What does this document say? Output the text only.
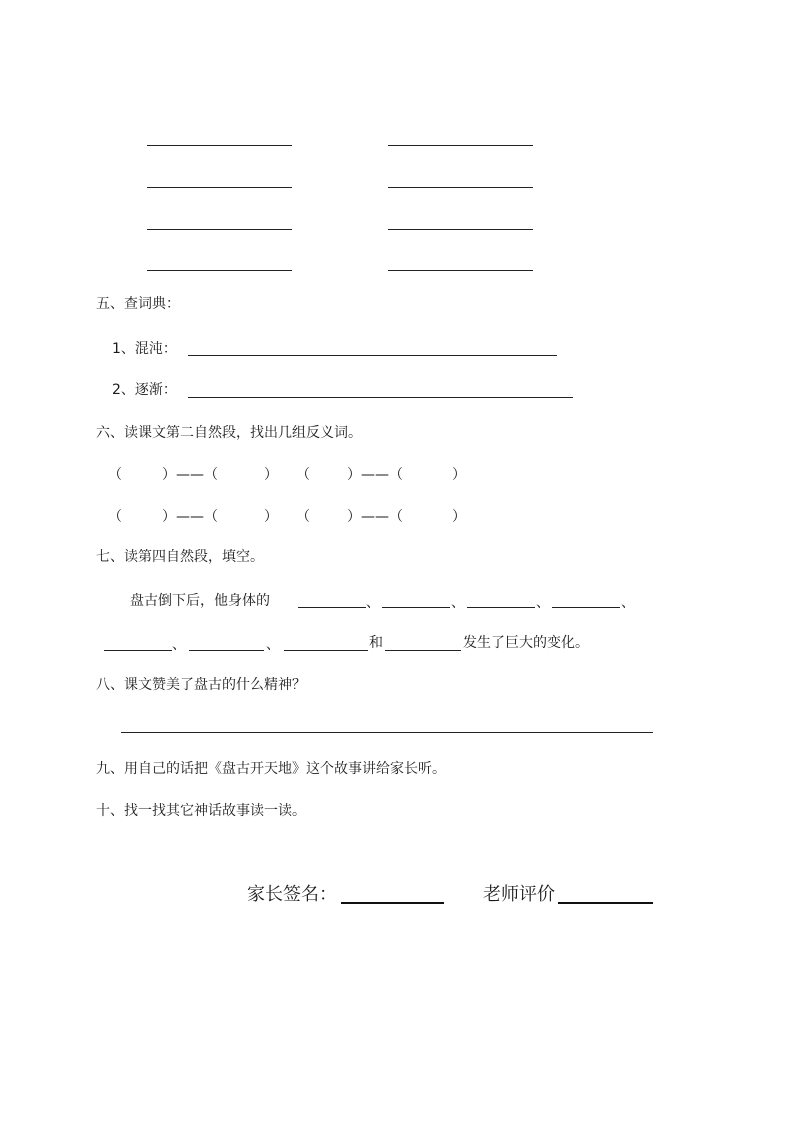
五、查词典：
1、混沌：
2、逐渐：
六、读课文第二自然段，找出几组反义词。
（	）——（	） （	）——（	）
（	）——（	） （	）——（	）
七、读第四自然段，填空。
盘古倒下后，他身体的	、	、	、	、
、	、	和	发生了巨大的变化。
八、课文赞美了盘古的什么精神？
九、用自己的话把《盘古开天地》这个故事讲给家长听。
十、找一找其它神话故事读一读。
家长签名：	老师评价
